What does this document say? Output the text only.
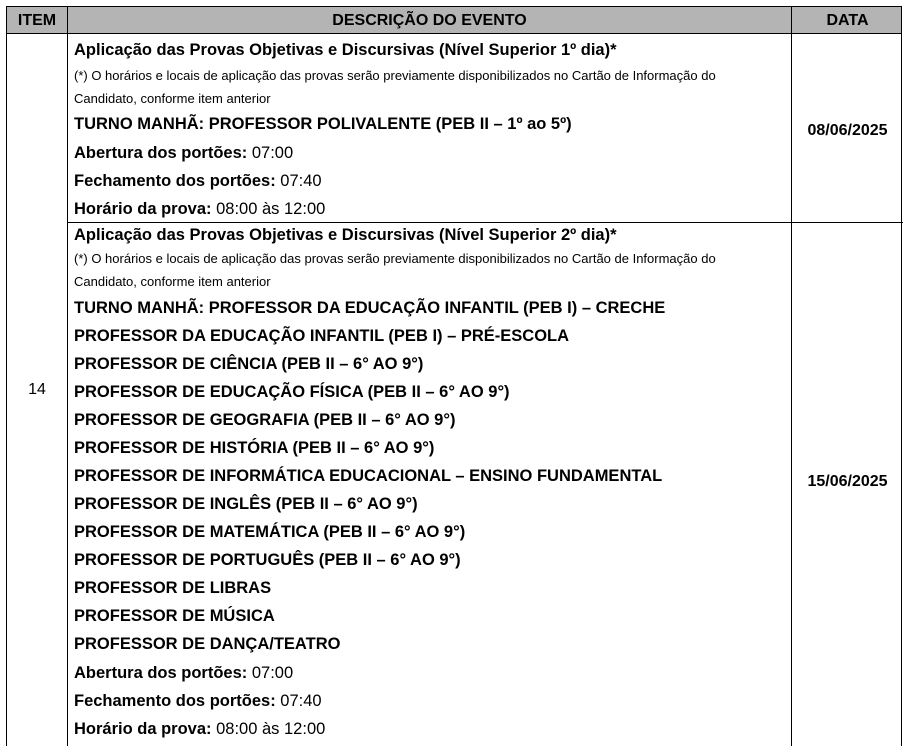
ITEM	DESCRIÇÃO DO EVENTO	DATA
14
Aplicação das Provas Objetivas e Discursivas (Nível Superior 1º dia)*
(*) O horários e locais de aplicação das provas serão previamente disponibilizados no Cartão de Informação do
Candidato, conforme item anterior
TURNO MANHÃ: PROFESSOR POLIVALENTE (PEB II – 1º ao 5º)
Abertura dos portões: 07:00
Fechamento dos portões: 07:40
Horário da prova: 08:00 às 12:00
08/06/2025
Aplicação das Provas Objetivas e Discursivas (Nível Superior 2º dia)*
(*) O horários e locais de aplicação das provas serão previamente disponibilizados no Cartão de Informação do
Candidato, conforme item anterior
TURNO MANHÃ: PROFESSOR DA EDUCAÇÃO INFANTIL (PEB I) – CRECHE
PROFESSOR DA EDUCAÇÃO INFANTIL (PEB I) – PRÉ-ESCOLA
PROFESSOR DE CIÊNCIA (PEB II – 6° AO 9°)
PROFESSOR DE EDUCAÇÃO FÍSICA (PEB II – 6° AO 9°)
PROFESSOR DE GEOGRAFIA (PEB II – 6° AO 9°)
PROFESSOR DE HISTÓRIA (PEB II – 6° AO 9°)
PROFESSOR DE INFORMÁTICA EDUCACIONAL – ENSINO FUNDAMENTAL
PROFESSOR DE INGLÊS (PEB II – 6° AO 9°)
PROFESSOR DE MATEMÁTICA (PEB II – 6° AO 9°)
PROFESSOR DE PORTUGUÊS (PEB II – 6° AO 9°)
PROFESSOR DE LIBRAS
PROFESSOR DE MÚSICA
PROFESSOR DE DANÇA/TEATRO
Abertura dos portões: 07:00
Fechamento dos portões: 07:40
Horário da prova: 08:00 às 12:00
15/06/2025
